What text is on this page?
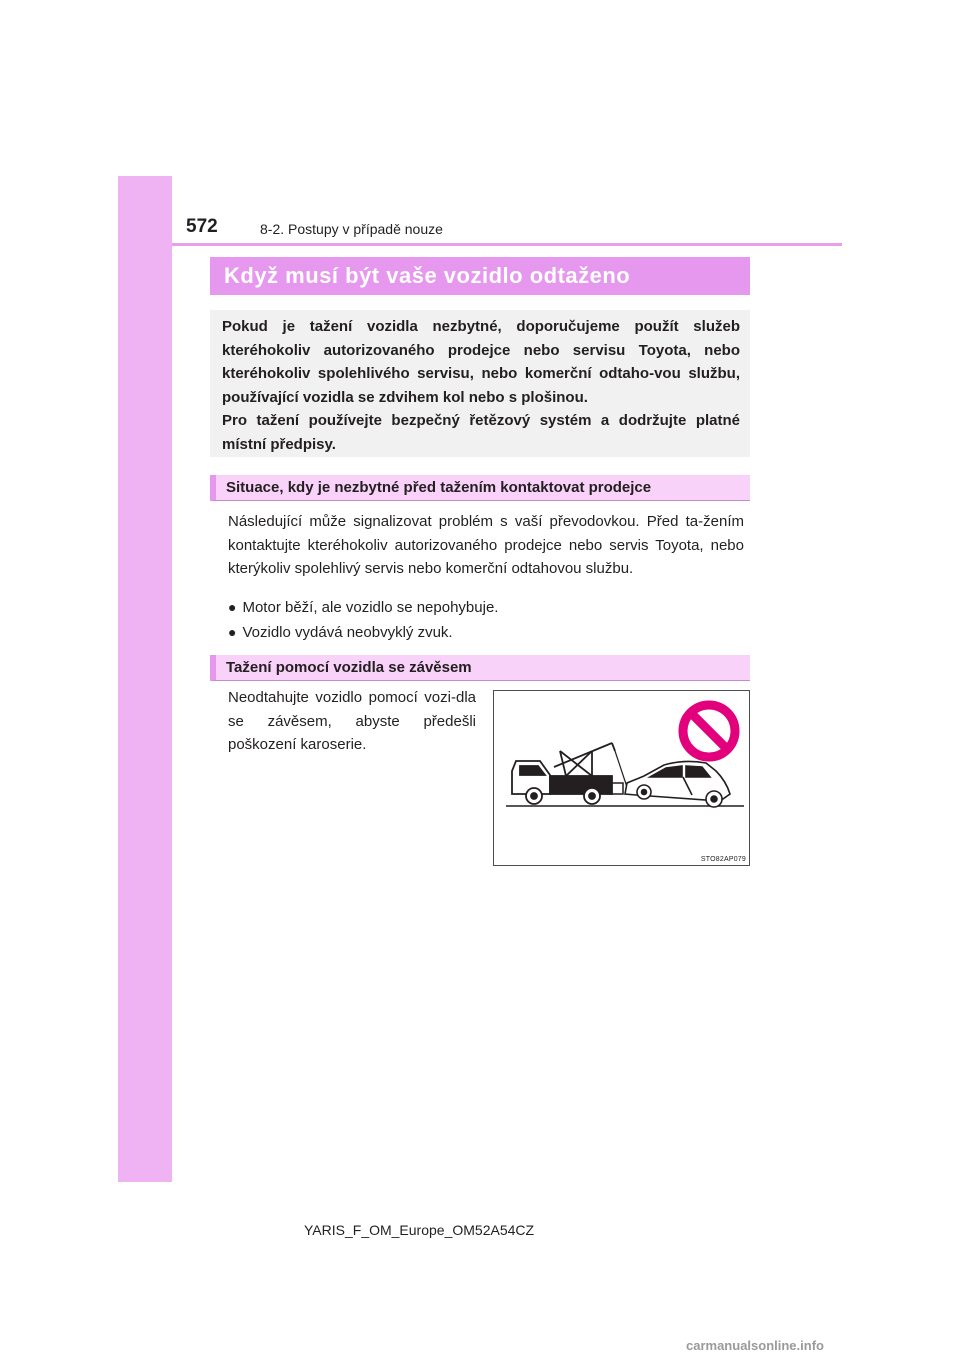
572	8-2. Postupy v případě nouze
Když musí být vaše vozidlo odtaženo

Pokud je tažení vozidla nezbytné, doporučujeme použít služeb kteréhokoliv autorizovaného prodejce nebo servisu Toyota, nebo kteréhokoliv spolehlivého servisu, nebo komerční odtaho-vou službu, používající vozidla se zdvihem kol nebo s plošinou.

Pro tažení používejte bezpečný řetězový systém a dodržujte platné místní předpisy.

Situace, kdy je nezbytné před tažením kontaktovat prodejce

Následující může signalizovat problém s vaší převodovkou. Před ta-žením kontaktujte kteréhokoliv autorizovaného prodejce nebo servis Toyota, nebo kterýkoliv spolehlivý servis nebo komerční odtahovou službu.

● Motor běží, ale vozidlo se nepohybuje.
● Vozidlo vydává neobvyklý zvuk.
Tažení pomocí vozidla se závěsem

Neodtahujte vozidlo pomocí vozi-dla se závěsem, abyste předešli poškození karoserie.

STO82AP079
YARIS_F_OM_Europe_OM52A54CZ
carmanualsonline.info
